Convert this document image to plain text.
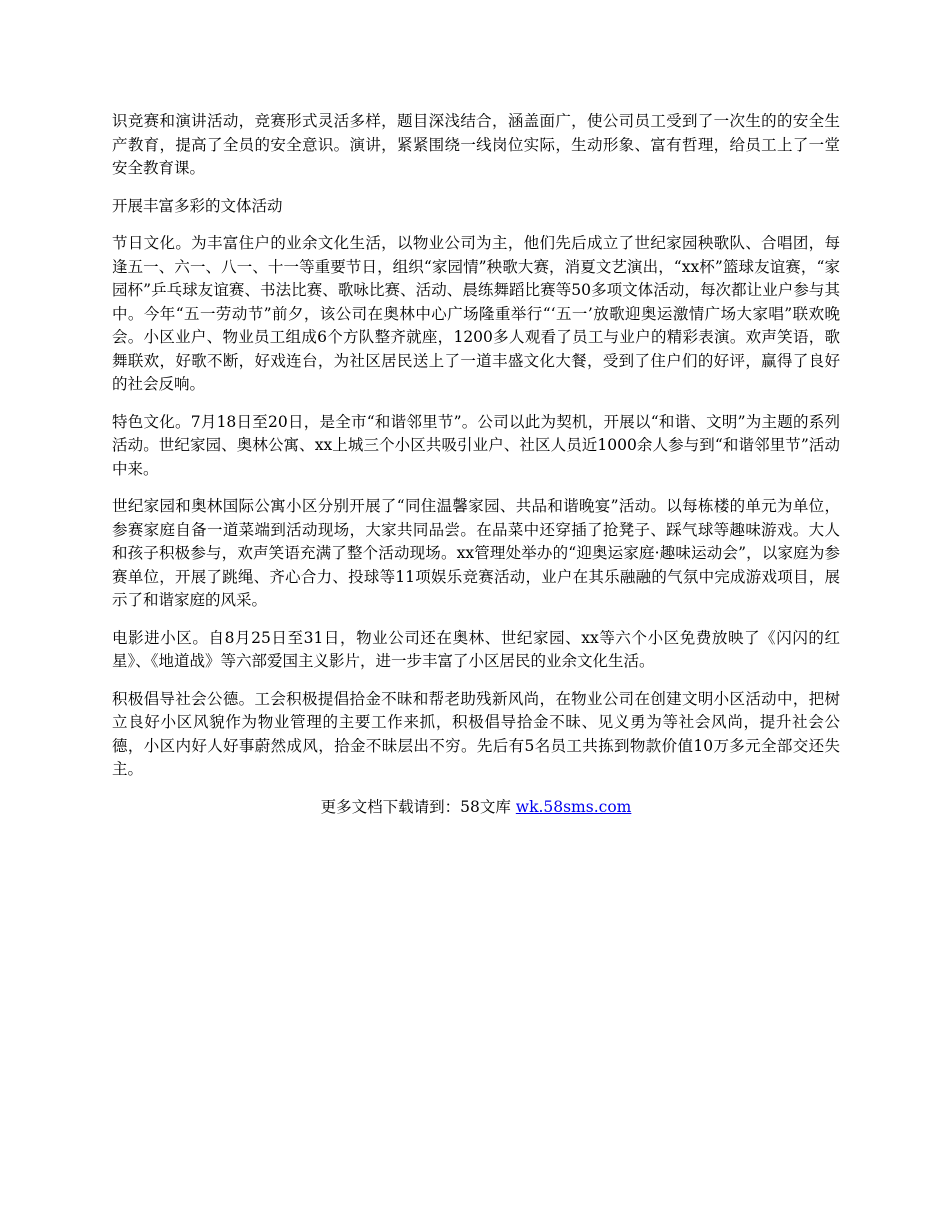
识竞赛和演讲活动，竞赛形式灵活多样，题目深浅结合，涵盖面广，使公司员工受到了一次生的的安全生产教育，提高了全员的安全意识。演讲，紧紧围绕一线岗位实际，生动形象、富有哲理，给员工上了一堂安全教育课。

开展丰富多彩的文体活动

节日文化。为丰富住户的业余文化生活，以物业公司为主，他们先后成立了世纪家园秧歌队、合唱团，每逢五一、六一、八一、十一等重要节日，组织“家园情”秧歌大赛，消夏文艺演出，“xx杯”篮球友谊赛，“家园杯”乒乓球友谊赛、书法比赛、歌咏比赛、活动、晨练舞蹈比赛等50多项文体活动，每次都让业户参与其中。今年“五一劳动节”前夕，该公司在奥林中心广场隆重举行“‘五一’放歌迎奥运激情广场大家唱”联欢晚会。小区业户、物业员工组成6个方队整齐就座，1200多人观看了员工与业户的精彩表演。欢声笑语，歌舞联欢，好歌不断，好戏连台，为社区居民送上了一道丰盛文化大餐，受到了住户们的好评，赢得了良好的社会反响。

特色文化。7月18日至20日，是全市“和谐邻里节”。公司以此为契机，开展以“和谐、文明”为主题的系列活动。世纪家园、奥林公寓、xx上城三个小区共吸引业户、社区人员近1000余人参与到“和谐邻里节”活动中来。

世纪家园和奥林国际公寓小区分别开展了“同住温馨家园、共品和谐晚宴”活动。以每栋楼的单元为单位，参赛家庭自备一道菜端到活动现场，大家共同品尝。在品菜中还穿插了抢凳子、踩气球等趣味游戏。大人和孩子积极参与，欢声笑语充满了整个活动现场。xx管理处举办的“迎奥运家庭·趣味运动会”，以家庭为参赛单位，开展了跳绳、齐心合力、投球等11项娱乐竞赛活动，业户在其乐融融的气氛中完成游戏项目，展示了和谐家庭的风采。

电影进小区。自8月25日至31日，物业公司还在奥林、世纪家园、xx等六个小区免费放映了《闪闪的红星》、《地道战》等六部爱国主义影片，进一步丰富了小区居民的业余文化生活。

积极倡导社会公德。工会积极提倡拾金不昧和帮老助残新风尚，在物业公司在创建文明小区活动中，把树立良好小区风貌作为物业管理的主要工作来抓，积极倡导拾金不昧、见义勇为等社会风尚，提升社会公德，小区内好人好事蔚然成风，拾金不昧层出不穷。先后有5名员工共拣到物款价值10万多元全部交还失主。

更多文档下载请到：58文库 wk.58sms.com
